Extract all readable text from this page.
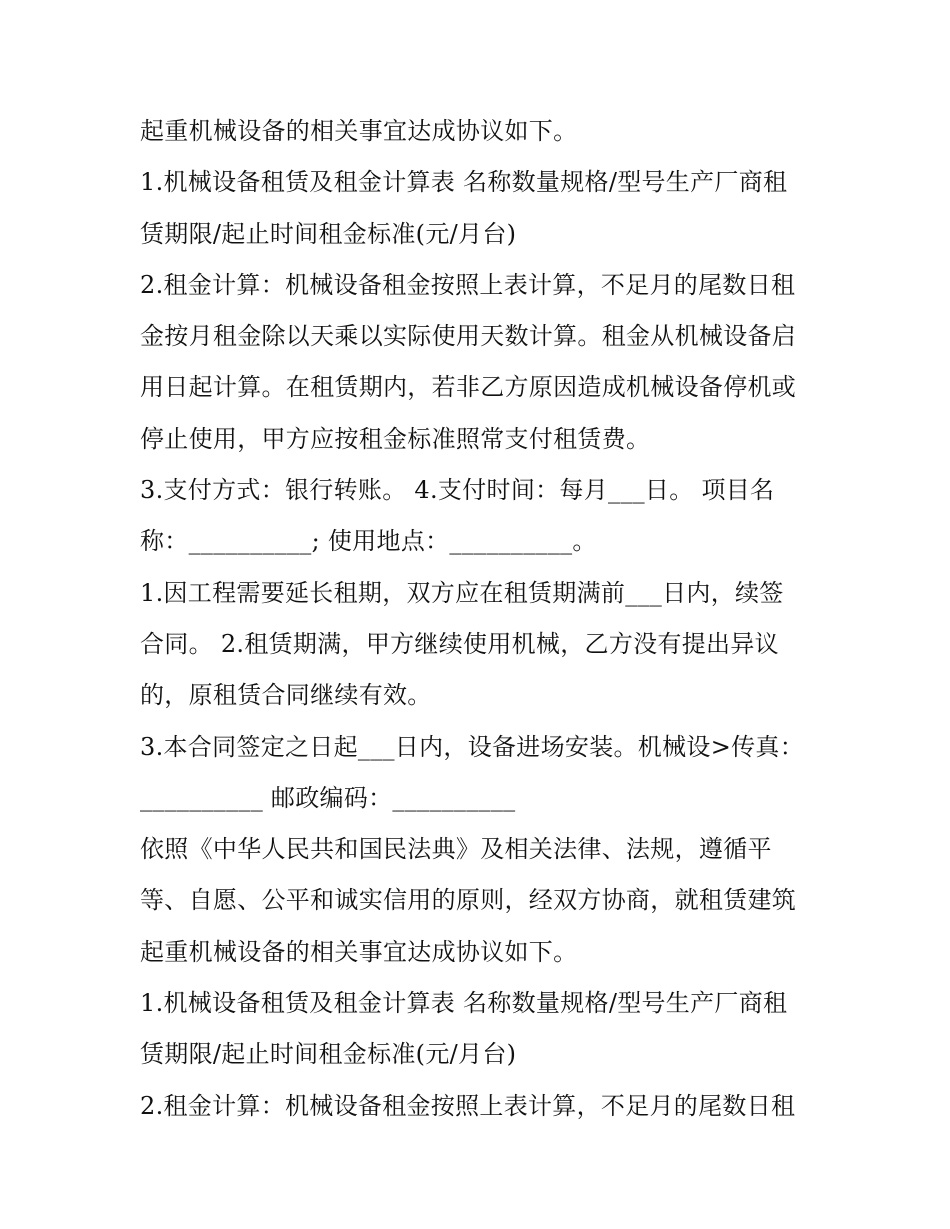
起重机械设备的相关事宜达成协议如下。
1.机械设备租赁及租金计算表 名称数量规格/型号生产厂商租
赁期限/起止时间租金标准(元/月台)
2.租金计算：机械设备租金按照上表计算，不足月的尾数日租
金按月租金除以天乘以实际使用天数计算。租金从机械设备启
用日起计算。在租赁期内，若非乙方原因造成机械设备停机或
停止使用，甲方应按租金标准照常支付租赁费。
3.支付方式：银行转账。 4.支付时间：每月___日。 项目名
称：__________; 使用地点：__________。
1.因工程需要延长租期，双方应在租赁期满前___日内，续签
合同。 2.租赁期满，甲方继续使用机械，乙方没有提出异议
的，原租赁合同继续有效。
3.本合同签定之日起___日内，设备进场安装。机械设>传真：
__________ 邮政编码：__________
依照《中华人民共和国民法典》及相关法律、法规，遵循平
等、自愿、公平和诚实信用的原则，经双方协商，就租赁建筑
起重机械设备的相关事宜达成协议如下。
1.机械设备租赁及租金计算表 名称数量规格/型号生产厂商租
赁期限/起止时间租金标准(元/月台)
2.租金计算：机械设备租金按照上表计算，不足月的尾数日租
